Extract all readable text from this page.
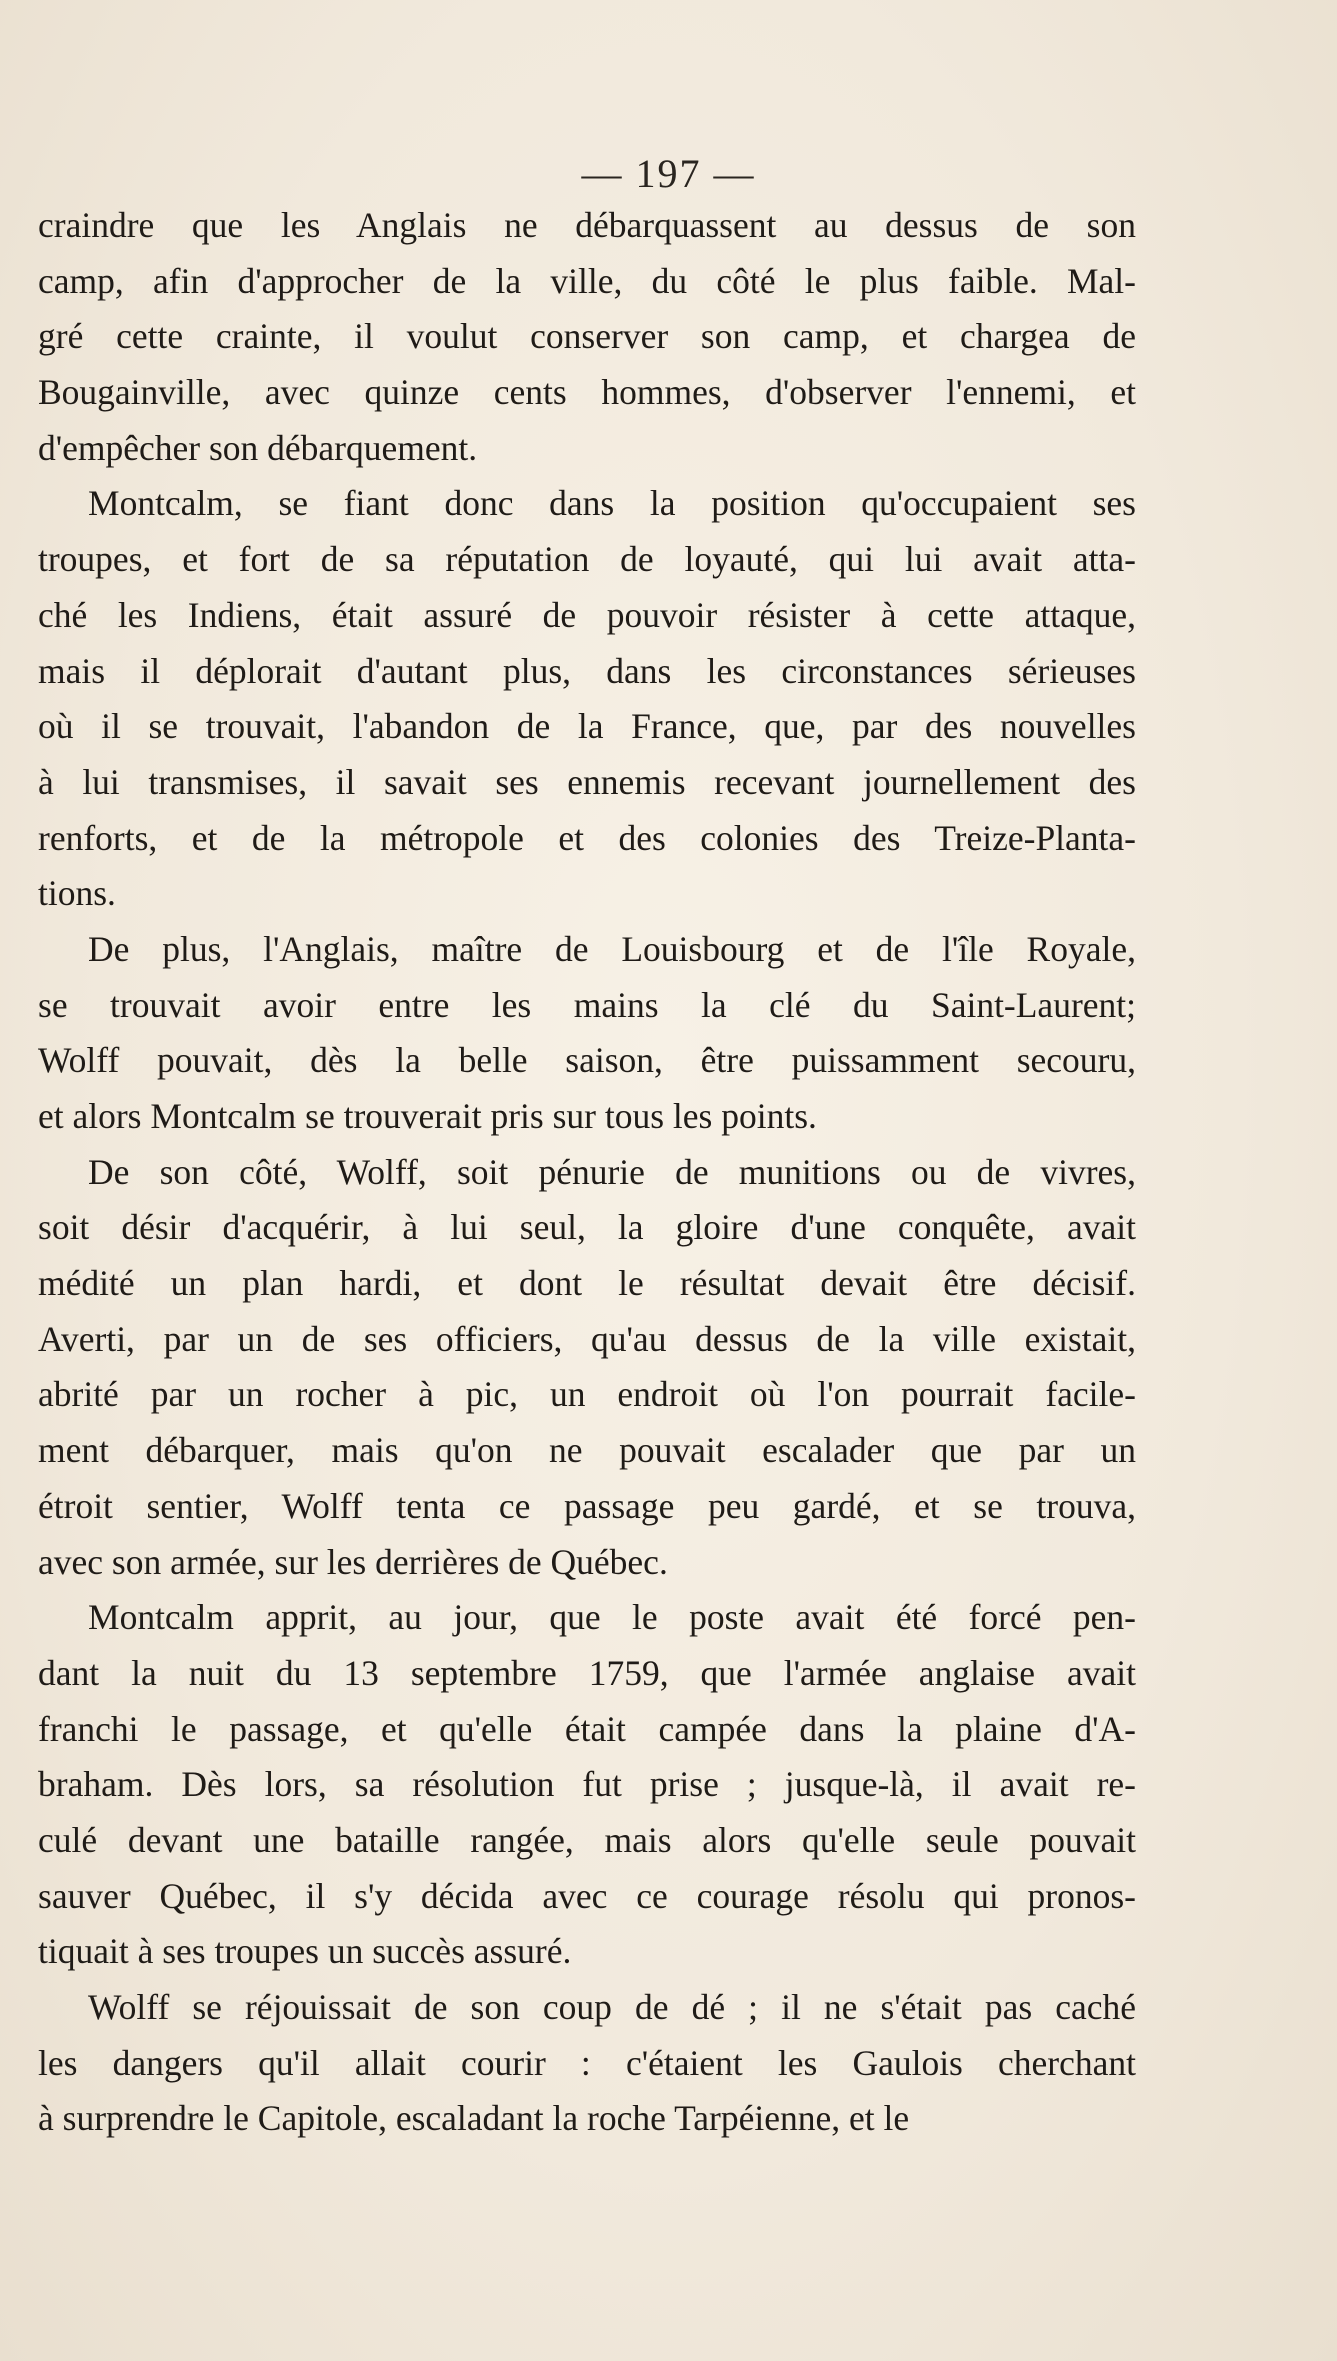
— 197 —
craindre que les Anglais ne débarquassent au dessus de son
camp, afin d'approcher de la ville, du côté le plus faible. Mal-
gré cette crainte, il voulut conserver son camp, et chargea de
Bougainville, avec quinze cents hommes, d'observer l'ennemi, et
d'empêcher son débarquement.
Montcalm, se fiant donc dans la position qu'occupaient ses
troupes, et fort de sa réputation de loyauté, qui lui avait atta-
ché les Indiens, était assuré de pouvoir résister à cette attaque,
mais il déplorait d'autant plus, dans les circonstances sérieuses
où il se trouvait, l'abandon de la France, que, par des nouvelles
à lui transmises, il savait ses ennemis recevant journellement des
renforts, et de la métropole et des colonies des Treize-Planta-
tions.
De plus, l'Anglais, maître de Louisbourg et de l'île Royale,
se trouvait avoir entre les mains la clé du Saint-Laurent;
Wolff pouvait, dès la belle saison, être puissamment secouru,
et alors Montcalm se trouverait pris sur tous les points.
De son côté, Wolff, soit pénurie de munitions ou de vivres,
soit désir d'acquérir, à lui seul, la gloire d'une conquête, avait
médité un plan hardi, et dont le résultat devait être décisif.
Averti, par un de ses officiers, qu'au dessus de la ville existait,
abrité par un rocher à pic, un endroit où l'on pourrait facile-
ment débarquer, mais qu'on ne pouvait escalader que par un
étroit sentier, Wolff tenta ce passage peu gardé, et se trouva,
avec son armée, sur les derrières de Québec.
Montcalm apprit, au jour, que le poste avait été forcé pen-
dant la nuit du 13 septembre 1759, que l'armée anglaise avait
franchi le passage, et qu'elle était campée dans la plaine d'A-
braham. Dès lors, sa résolution fut prise ; jusque-là, il avait re-
culé devant une bataille rangée, mais alors qu'elle seule pouvait
sauver Québec, il s'y décida avec ce courage résolu qui pronos-
tiquait à ses troupes un succès assuré.
Wolff se réjouissait de son coup de dé ; il ne s'était pas caché
les dangers qu'il allait courir : c'étaient les Gaulois cherchant
à surprendre le Capitole, escaladant la roche Tarpéienne, et le
